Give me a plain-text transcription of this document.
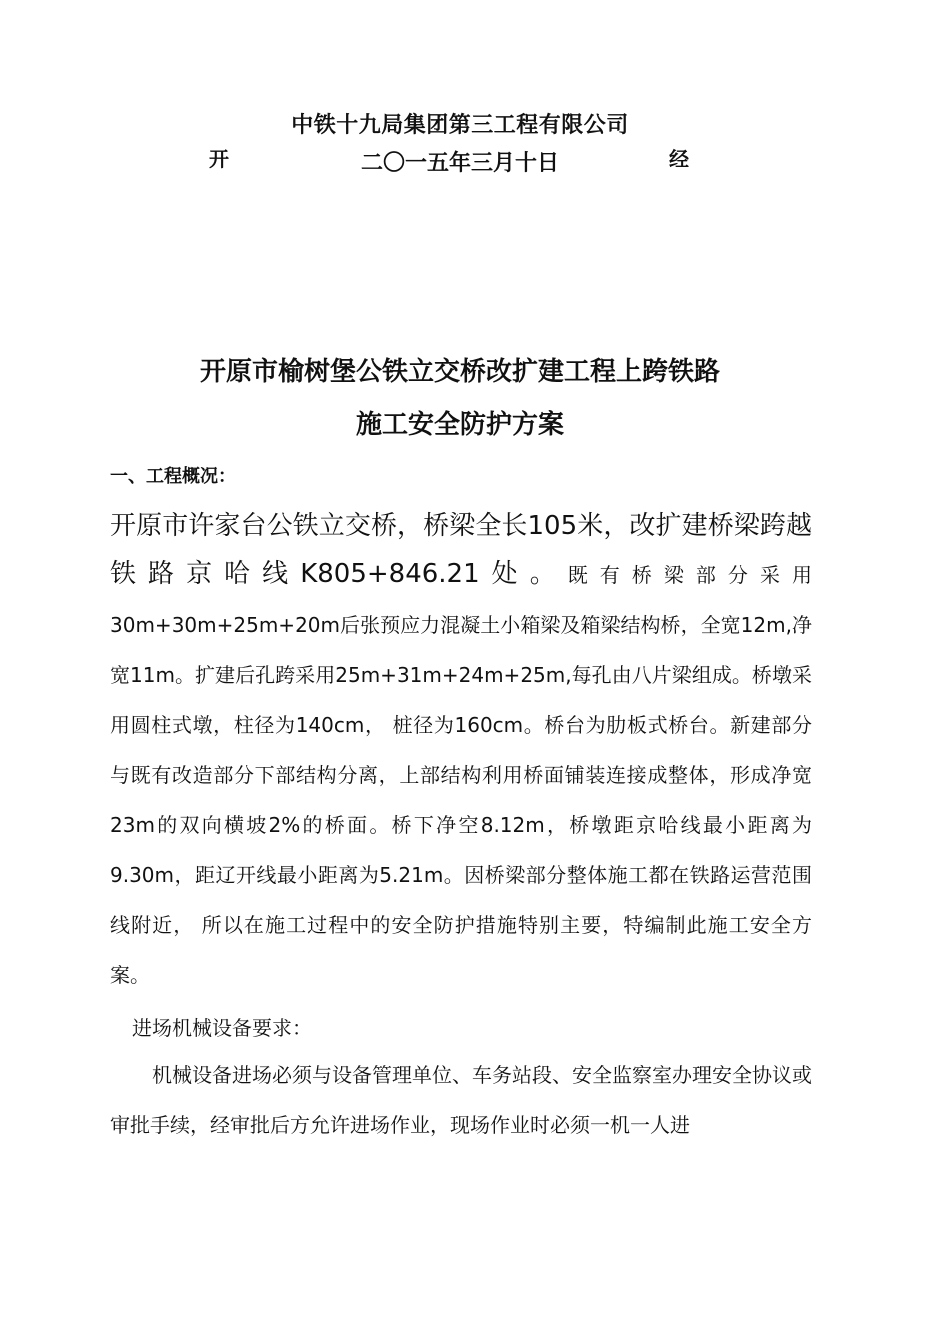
中铁十九局集团第三工程有限公司
二〇一五年三月十日
开	经
开原市榆树堡公铁立交桥改扩建工程上跨铁路
施工安全防护方案
一、工程概况：

开原市许家台公铁立交桥，桥梁全长105米，改扩建桥梁跨越铁路京哈线K805+846.21处。既有桥梁部分采用30m+30m+25m+20m后张预应力混凝土小箱梁及箱梁结构桥，全宽12m,净宽11m。扩建后孔跨采用25m+31m+24m+25m,每孔由八片梁组成。桥墩采用圆柱式墩，柱径为140cm， 桩径为160cm。桥台为肋板式桥台。新建部分与既有改造部分下部结构分离，上部结构利用桥面铺装连接成整体，形成净宽23m的双向横坡2%的桥面。桥下净空8.12m，桥墩距京哈线最小距离为9.30m，距辽开线最小距离为5.21m。因桥梁部分整体施工都在铁路运营范围线附近， 所以在施工过程中的安全防护措施特别主要，特编制此施工安全方案。

进场机械设备要求：

机械设备进场必须与设备管理单位、车务站段、安全监察室办理安全协议或审批手续，经审批后方允许进场作业，现场作业时必须一机一人进
